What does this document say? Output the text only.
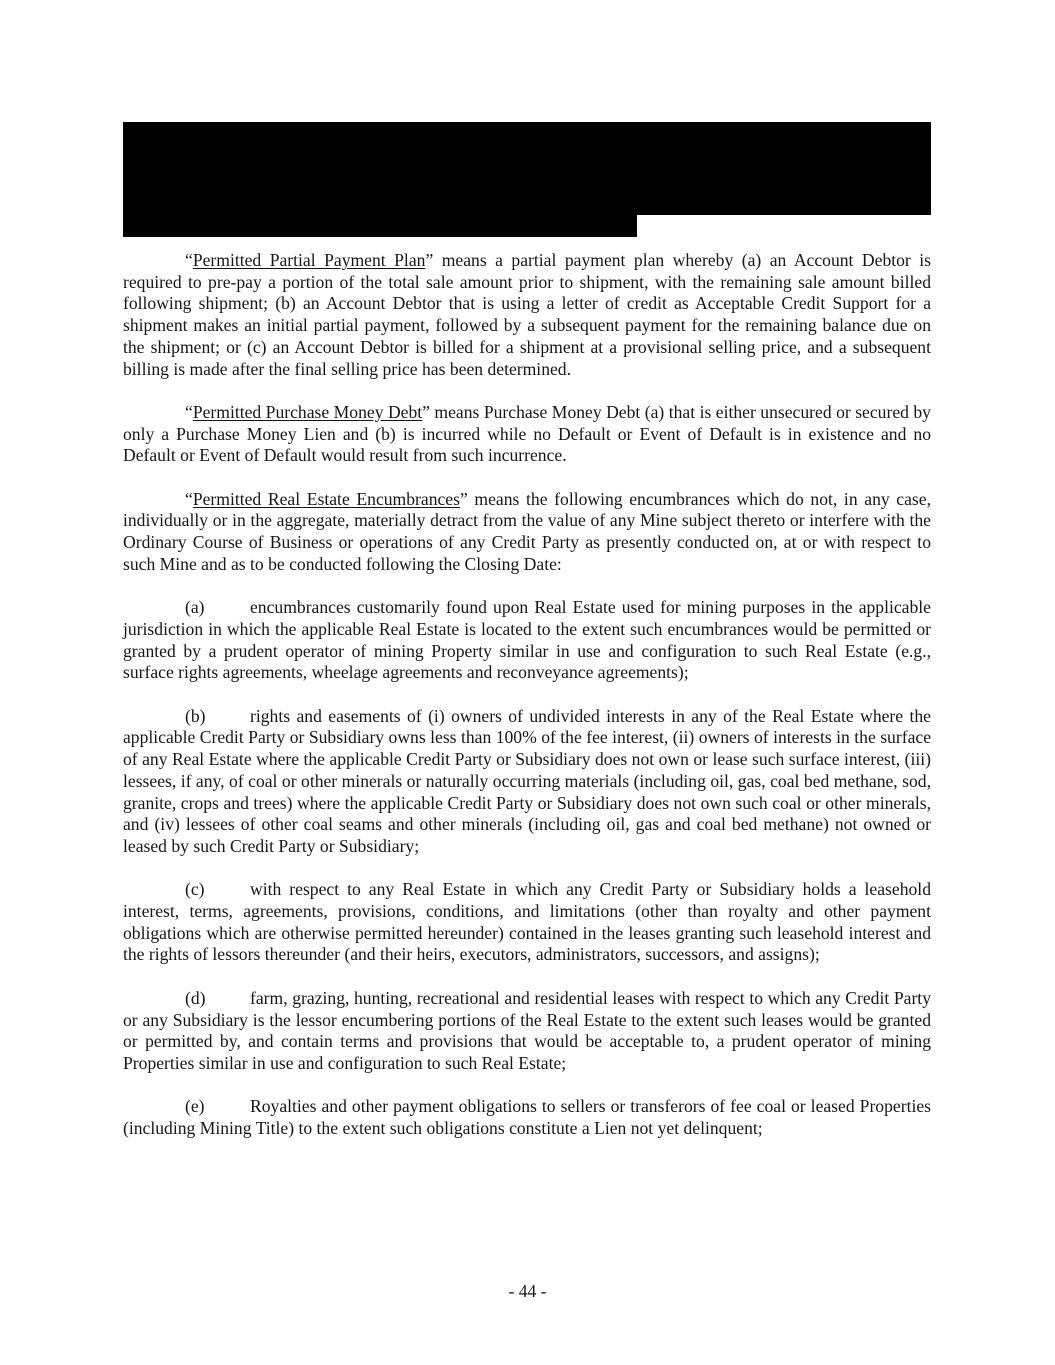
“Permitted Partial Payment Plan” means a partial payment plan whereby (a) an Account Debtor is required to pre-pay a portion of the total sale amount prior to shipment, with the remaining sale amount billed following shipment; (b) an Account Debtor that is using a letter of credit as Acceptable Credit Support for a shipment makes an initial partial payment, followed by a subsequent payment for the remaining balance due on the shipment; or (c) an Account Debtor is billed for a shipment at a provisional selling price, and a subsequent billing is made after the final selling price has been determined.

“Permitted Purchase Money Debt” means Purchase Money Debt (a) that is either unsecured or secured by only a Purchase Money Lien and (b) is incurred while no Default or Event of Default is in existence and no Default or Event of Default would result from such incurrence.

“Permitted Real Estate Encumbrances” means the following encumbrances which do not, in any case, individually or in the aggregate, materially detract from the value of any Mine subject thereto or interfere with the Ordinary Course of Business or operations of any Credit Party as presently conducted on, at or with respect to such Mine and as to be conducted following the Closing Date:

(a)	encumbrances customarily found upon Real Estate used for mining purposes in the applicable jurisdiction in which the applicable Real Estate is located to the extent such encumbrances would be permitted or granted by a prudent operator of mining Property similar in use and configuration to such Real Estate (e.g., surface rights agreements, wheelage agreements and reconveyance agreements);

(b)	rights and easements of (i) owners of undivided interests in any of the Real Estate where the applicable Credit Party or Subsidiary owns less than 100% of the fee interest, (ii) owners of interests in the surface of any Real Estate where the applicable Credit Party or Subsidiary does not own or lease such surface interest, (iii) lessees, if any, of coal or other minerals or naturally occurring materials (including oil, gas, coal bed methane, sod, granite, crops and trees) where the applicable Credit Party or Subsidiary does not own such coal or other minerals, and (iv) lessees of other coal seams and other minerals (including oil, gas and coal bed methane) not owned or leased by such Credit Party or Subsidiary;

(c)	with respect to any Real Estate in which any Credit Party or Subsidiary holds a leasehold interest, terms, agreements, provisions, conditions, and limitations (other than royalty and other payment obligations which are otherwise permitted hereunder) contained in the leases granting such leasehold interest and the rights of lessors thereunder (and their heirs, executors, administrators, successors, and assigns);

(d)	farm, grazing, hunting, recreational and residential leases with respect to which any Credit Party or any Subsidiary is the lessor encumbering portions of the Real Estate to the extent such leases would be granted or permitted by, and contain terms and provisions that would be acceptable to, a prudent operator of mining Properties similar in use and configuration to such Real Estate;

(e)	Royalties and other payment obligations to sellers or transferors of fee coal or leased Properties (including Mining Title) to the extent such obligations constitute a Lien not yet delinquent;

- 44 -
